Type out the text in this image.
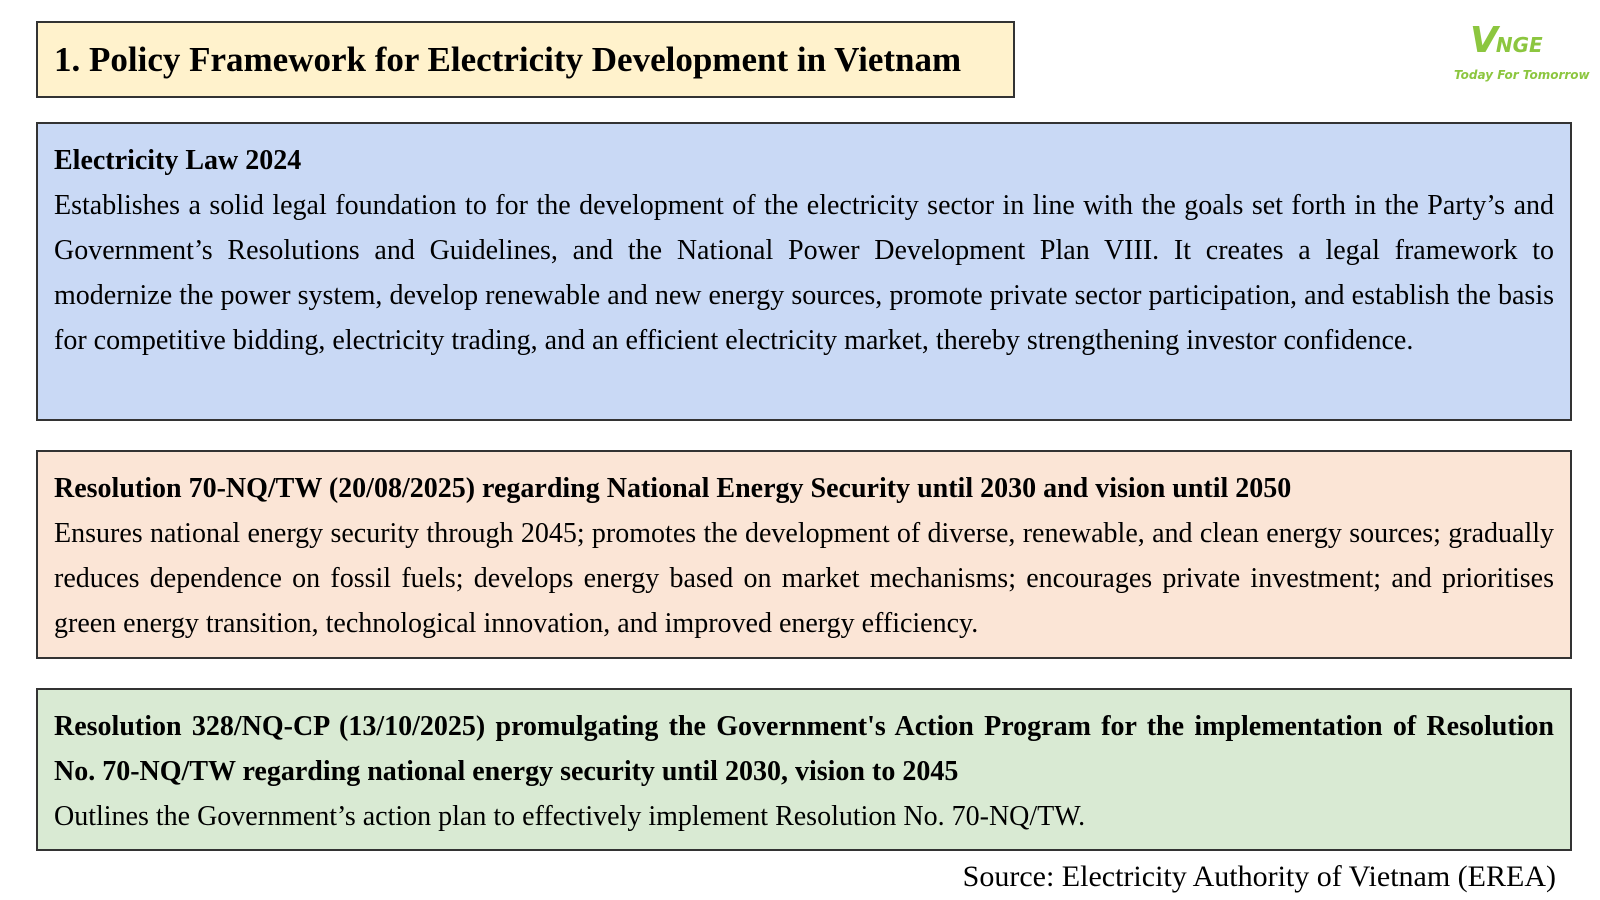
1. Policy Framework for Electricity Development in Vietnam	VNGE
Today For Tomorrow
Electricity Law 2024
Establishes a solid legal foundation to for the development of the electricity sector in line with the goals set forth in the Party’s and Government’s Resolutions and Guidelines, and the National Power Development Plan VIII. It creates a legal framework to modernize the power system, develop renewable and new energy sources, promote private sector participation, and establish the basis for competitive bidding, electricity trading, and an efficient electricity market, thereby strengthening investor confidence.
Resolution 70-NQ/TW (20/08/2025) regarding National Energy Security until 2030 and vision until 2050
Ensures national energy security through 2045; promotes the development of diverse, renewable, and clean energy sources; gradually reduces dependence on fossil fuels; develops energy based on market mechanisms; encourages private investment; and prioritises green energy transition, technological innovation, and improved energy efficiency.
Resolution 328/NQ-CP (13/10/2025) promulgating the Government's Action Program for the implementation of Resolution No. 70-NQ/TW regarding national energy security until 2030, vision to 2045
Outlines the Government’s action plan to effectively implement Resolution No. 70-NQ/TW.
Source: Electricity Authority of Vietnam (EREA)
